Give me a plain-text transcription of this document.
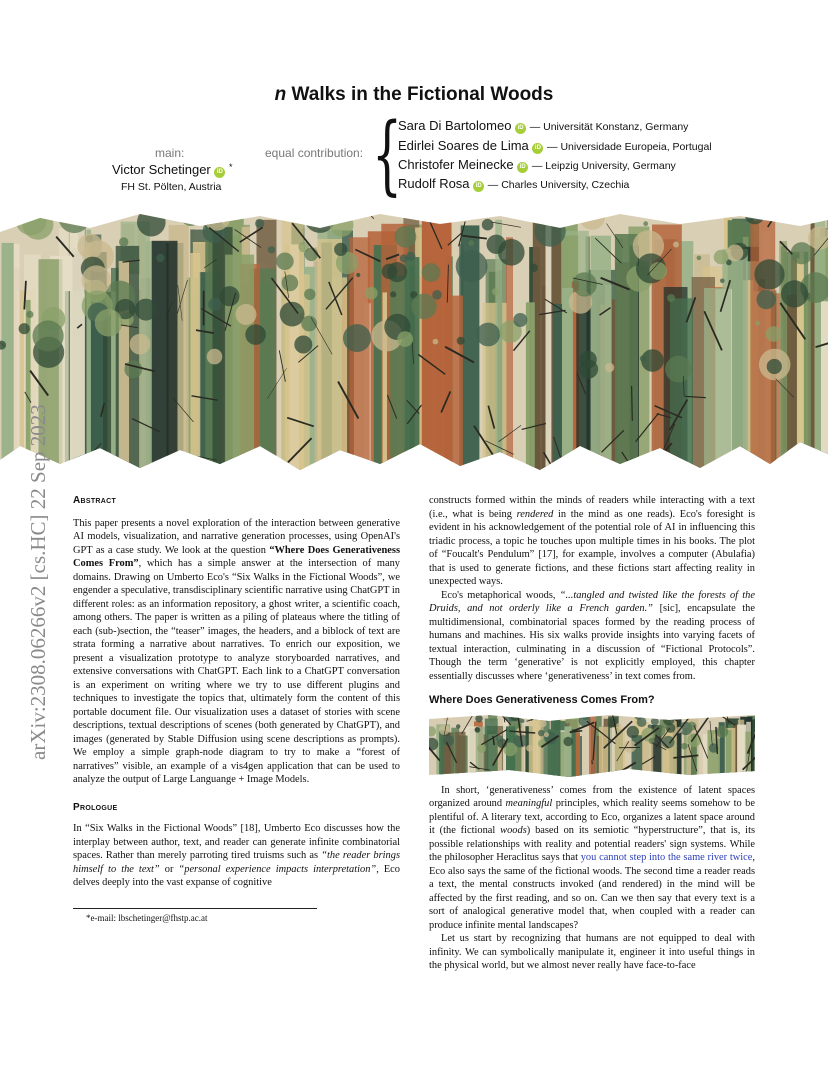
n Walks in the Fictional Woods
main:
Victor Schetinger iD *
FH St. Pölten, Austria
equal contribution: {
Sara Di Bartolomeo iD — Universität Konstanz, Germany
Edirlei Soares de Lima iD — Universidade Europeia, Portugal
Christofer Meinecke iD — Leipzig University, Germany
Rudolf Rosa iD — Charles University, Czechia
arXiv:2308.06266v2 [cs.HC] 22 Sep 2023 Abstract

This paper presents a novel exploration of the interaction between generative AI models, visualization, and narrative generation processes, using OpenAI's GPT as a case study. We look at the question “Where Does Generativeness Comes From”, which has a simple answer at the intersection of many domains. Drawing on Umberto Eco's “Six Walks in the Fictional Woods”, we engender a speculative, transdisciplinary scientific narrative using ChatGPT in different roles: as an information repository, a ghost writer, a scientific coach, among others. The paper is written as a piling of plateaus where the titling of each (sub-)section, the “teaser” images, the headers, and a biblock of text are strata forming a narrative about narratives. To enrich our exposition, we present a visualization prototype to analyze storyboarded narratives, and extensive conversations with ChatGPT. Each link to a ChatGPT conversation is an experiment on writing where we try to use different plugins and techniques to investigate the topics that, ultimately form the content of this portable document file. Our visualization uses a dataset of stories with scene descriptions, textual descriptions of scenes (both generated by ChatGPT), and images (generated by Stable Diffusion using scene descriptions as prompts). We employ a simple graph-node diagram to try to make a “forest of narratives” visible, an example of a vis4gen application that can be used to analyze the output of Large Languange + Image Models.

Prologue

In “Six Walks in the Fictional Woods” [18], Umberto Eco discusses how the interplay between author, text, and reader can generate infinite combinatorial spaces. Rather than merely parroting tired truisms such as “the reader brings himself to the text” or “personal experience impacts interpretation”, Eco delves deeply into the vast expanse of cognitive

*e-mail: lbschetinger@fhstp.ac.at

constructs formed within the minds of readers while interacting with a text (i.e., what is being rendered in the mind as one reads). Eco's foresight is evident in his acknowledgement of the potential role of AI in influencing this triadic process, a topic he touches upon multiple times in his books. The plot of “Foucalt's Pendulum” [17], for example, involves a computer (Abulafia) that is used to generate fictions, and these fictions start affecting reality in unexpected ways.

Eco's metaphorical woods, “...tangled and twisted like the forests of the Druids, and not orderly like a French garden.” [sic], encapsulate the multidimensional, combinatorial spaces formed by the reading process of humans and machines. His six walks provide insights into varying facets of textual interaction, culminating in a discussion of “Fictional Protocols”. Though the term ‘generative’ is not explicitly employed, this chapter essentially discusses where ‘generativeness’ in text comes from.

Where Does Generativeness Comes From?

In short, ‘generativeness’ comes from the existence of latent spaces organized around meaningful principles, which reality seems somehow to be plentiful of. A literary text, according to Eco, organizes a latent space around it (the fictional woods) based on its semiotic “hyperstructure”, that is, its possible relationships with reality and potential readers' sign systems. While the philosopher Heraclitus says that you cannot step into the same river twice, Eco also says the same of the fictional woods. The second time a reader reads a text, the mental constructs invoked (and rendered) in the mind will be affected by the first reading, and so on. Can we then say that every text is a sort of analogical generative model that, when coupled with a reader can produce infinite mental landscapes?

Let us start by recognizing that humans are not equipped to deal with infinity. We can symbolically manipulate it, engineer it into useful things in the physical world, but we almost never really have face-to-face
